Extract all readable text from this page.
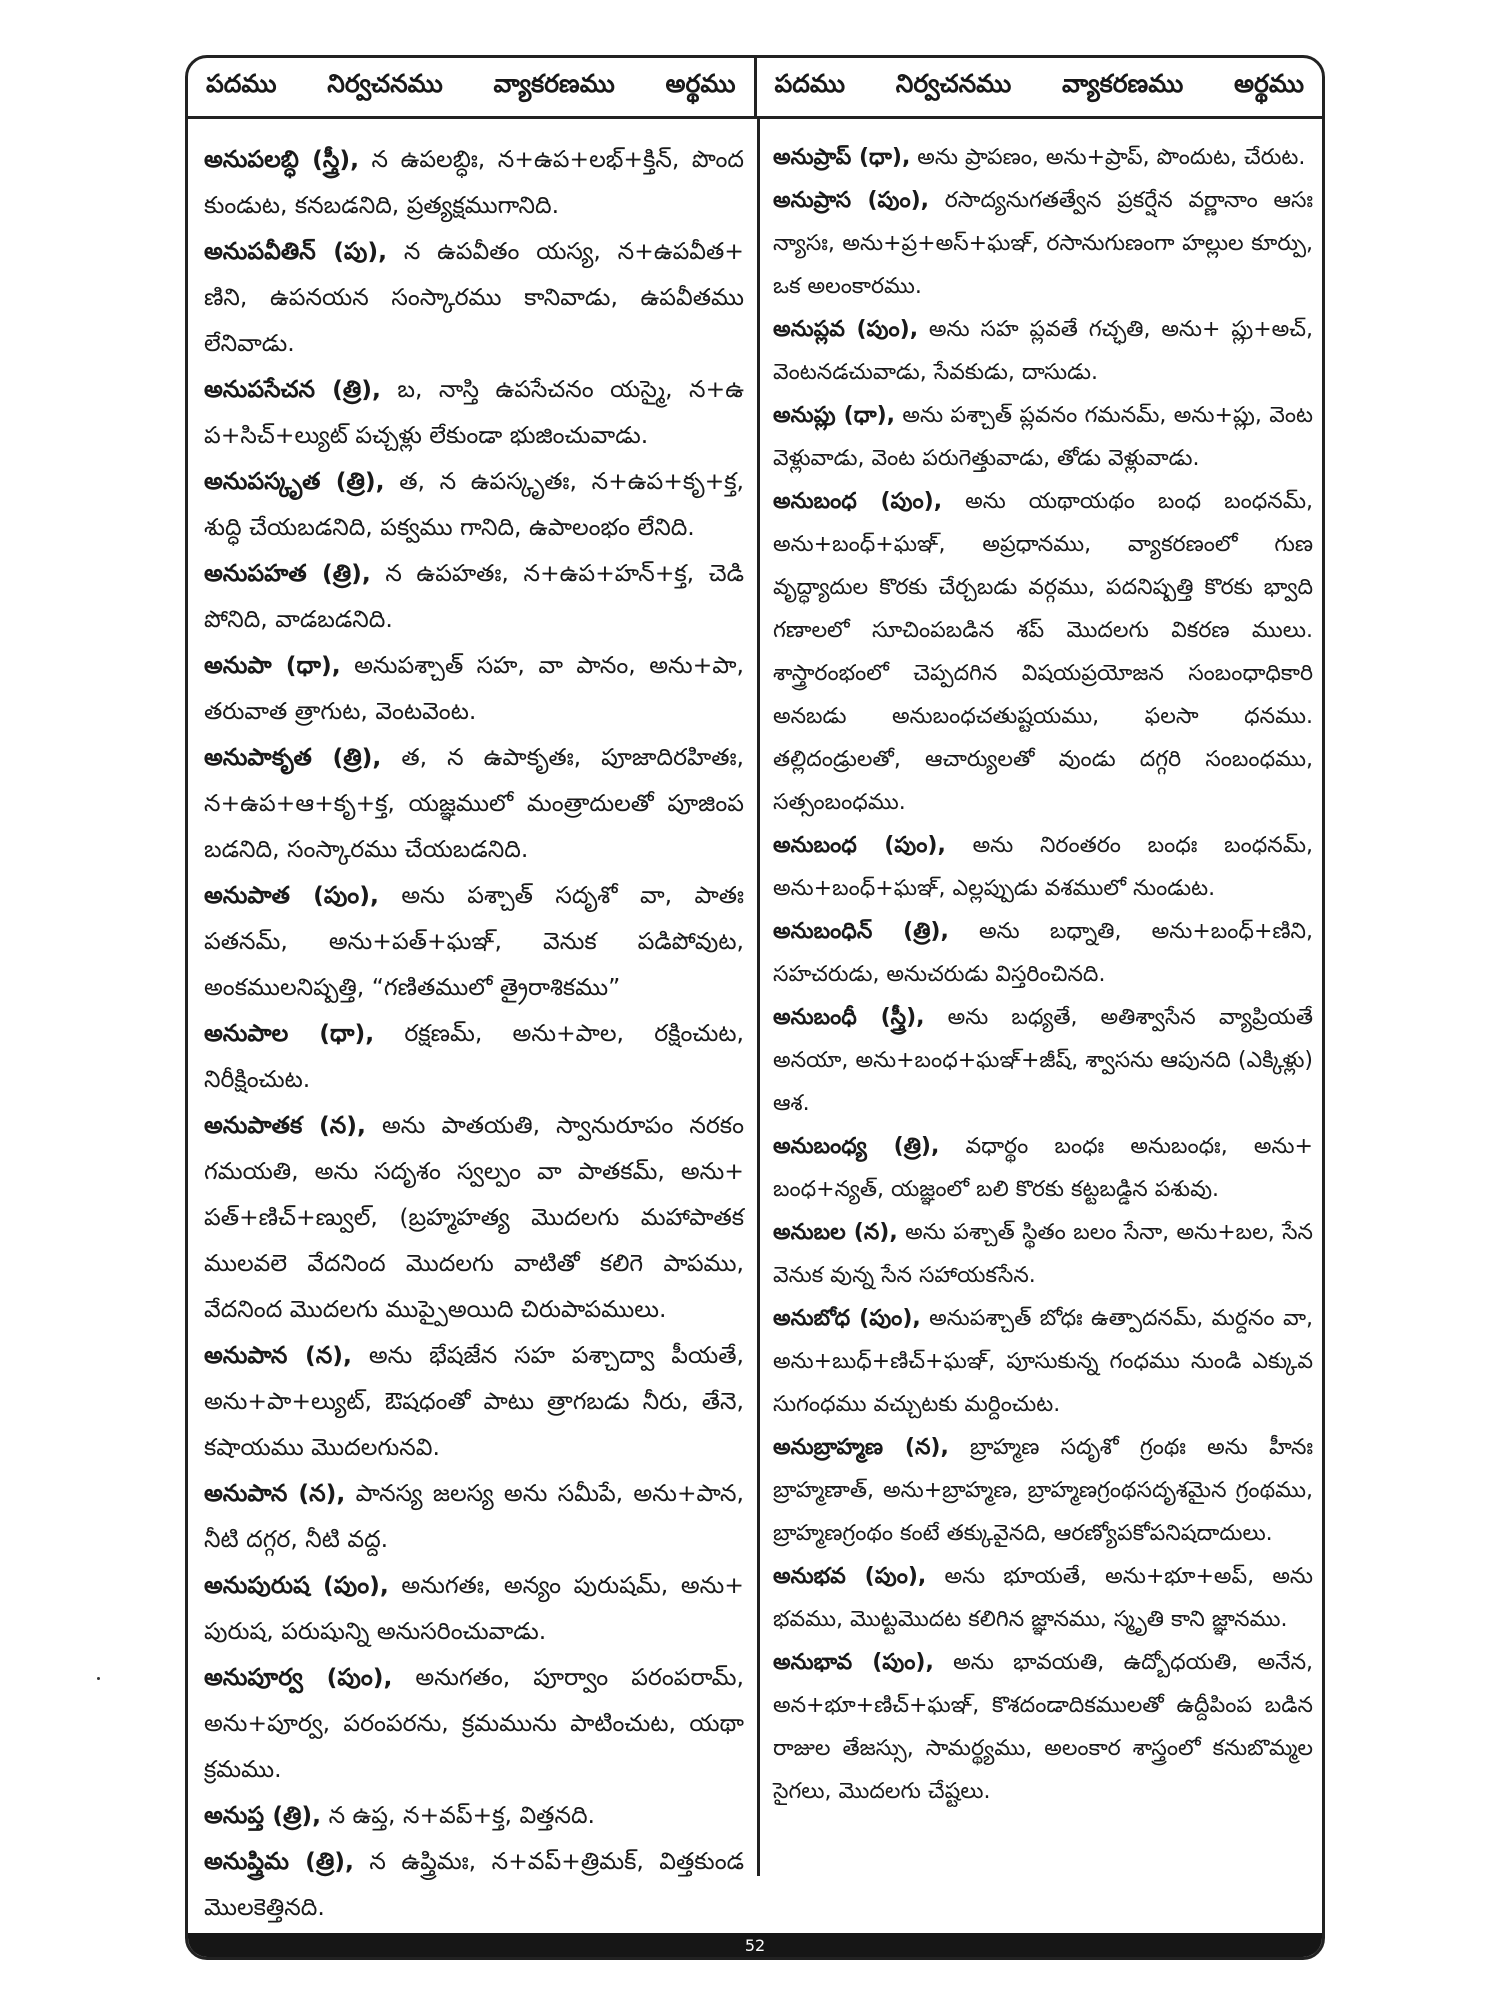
పదము నిర్వచనము వ్యాకరణము అర్థము పదము నిర్వచనము వ్యాకరణము అర్థము

అనుపలబ్ధి (స్త్రీ), న ఉపలబ్ధిః, న+ఉప+లభ్+క్తిన్, పొంద కుండుట, కనబడనిది, ప్రత్యక్షముగానిది.

అనుపవీతిన్ (పు), న ఉపవీతం యస్య, న+ఉపవీత+ ణిని, ఉపనయన సంస్కారము కానివాడు, ఉపవీతము లేనివాడు.

అనుపసేచన (త్రి), బ, నాస్తి ఉపసేచనం యస్మై, న+ఉ ప+సిచ్+ల్యుట్ పచ్చళ్లు లేకుండా భుజించువాడు.

అనుపస్కృత (త్రి), త, న ఉపస్కృతః, న+ఉప+కృ+క్త, శుద్ధి చేయబడనిది, పక్వము గానిది, ఉపాలంభం లేనిది.

అనుపహత (త్రి), న ఉపహతః, న+ఉప+హన్+క్త, చెడి పోనిది, వాడబడనిది.

అనుపా (ధా), అనుపశ్చాత్ సహ, వా పానం, అను+పా, తరువాత త్రాగుట, వెంటవెంట.

అనుపాకృత (త్రి), త, న ఉపాకృతః, పూజాదిరహితః, న+ఉప+ఆ+కృ+క్త, యజ్ఞములో మంత్రాదులతో పూజింప బడనిది, సంస్కారము చేయబడనిది.

అనుపాత (పుం), అను పశ్చాత్ సదృశో వా, పాతః పతనమ్, అను+పత్+ఘఞ్, వెనుక పడిపోవుట, అంకములనిష్పత్తి, “గణితములో త్రైరాశికము”

అనుపాల (ధా), రక్షణమ్, అను+పాల, రక్షించుట, నిరీక్షించుట.

అనుపాతక (న), అను పాతయతి, స్వానురూపం నరకం గమయతి, అను సదృశం స్వల్పం వా పాతకమ్, అను+ పత్+ణిచ్+ణ్వుల్, (బ్రహ్మహత్య మొదలగు మహాపాతక ములవలె వేదనింద మొదలగు వాటితో కలిగె పాపము, వేదనింద మొదలగు ముప్పైఅయిది చిరుపాపములు.

అనుపాన (న), అను భేషజేన సహ పశ్చాద్వా పీయతే, అను+పా+ల్యుట్, ఔషధంతో పాటు త్రాగబడు నీరు, తేనె, కషాయము మొదలగునవి.

అనుపాన (న), పానస్య జలస్య అను సమీపే, అను+పాన, నీటి దగ్గర, నీటి వద్ద.

అనుపురుష (పుం), అనుగతః, అన్యం పురుషమ్, అను+ పురుష, పరుషున్ని అనుసరించువాడు.

అనుపూర్వ (పుం), అనుగతం, పూర్వాం పరంపరామ్, అను+పూర్వ, పరంపరను, క్రమమును పాటించుట, యథా క్రమము.

అనుప్త (త్రి), న ఉప్త, న+వప్+క్త, విత్తనది.

అనుప్త్రిమ (త్రి), న ఉప్త్రిమః, న+వప్+త్రిమక్, విత్తకుండ మొలకెత్తినది.

అనుప్రాప్ (ధా), అను ప్రాపణం, అను+ప్రాప్, పొందుట, చేరుట.

అనుప్రాస (పుం), రసాద్యనుగతత్వేన ప్రకర్షేన వర్ణానాం ఆసః న్యాసః, అను+ప్ర+అస్+ఘఞ్, రసానుగుణంగా హల్లుల కూర్పు, ఒక అలంకారము.

అనుప్లవ (పుం), అను సహ ప్లవతే గచ్ఛతి, అను+ ప్లు+అచ్, వెంటనడచువాడు, సేవకుడు, దాసుడు.

అనుప్లు (ధా), అను పశ్చాత్ ప్లవనం గమనమ్, అను+ప్లు, వెంట వెళ్లువాడు, వెంట పరుగెత్తువాడు, తోడు వెళ్లువాడు.

అనుబంధ (పుం), అను యథాయథం బంధ బంధనమ్, అను+బంధ్+ఘఞ్, అప్రధానము, వ్యాకరణంలో గుణ వృద్ధ్యాదుల కొరకు చేర్చబడు వర్గము, పదనిష్పత్తి కొరకు భ్వాది గణాలలో సూచింపబడిన శప్ మొదలగు వికరణ ములు. శాస్త్రారంభంలో చెప్పదగిన విషయప్రయోజన సంబంధాధికారి అనబడు అనుబంధచతుష్టయము, ఫలసా ధనము. తల్లిదండ్రులతో, ఆచార్యులతో వుండు దగ్గరి సంబంధము, సత్సంబంధము.

అనుబంధ (పుం), అను నిరంతరం బంధః బంధనమ్, అను+బంధ్+ఘఞ్, ఎల్లప్పుడు వశములో నుండుట.

అనుబంధిన్ (త్రి), అను బధ్నాతి, అను+బంధ్+ణిని, సహచరుడు, అనుచరుడు విస్తరించినది.

అనుబంధీ (స్త్రీ), అను బధ్యతే, అతిశ్వాసేన వ్యాప్రియతే అనయా, అను+బంధ+ఘఞ్+జీష్, శ్వాసను ఆపునది (ఎక్కిళ్లు) ఆశ.

అనుబంధ్య (త్రి), వధార్థం బంధః అనుబంధః, అను+ బంధ+న్యత్, యజ్ఞంలో బలి కొరకు కట్టబడ్డిన పశువు.

అనుబల (న), అను పశ్చాత్ స్థితం బలం సేనా, అను+బల, సేన వెనుక వున్న సేన సహాయకసేన.

అనుబోధ (పుం), అనుపశ్చాత్ బోధః ఉత్పాదనమ్, మర్దనం వా, అను+బుధ్+ణిచ్+ఘఞ్, పూసుకున్న గంధము నుండి ఎక్కువ సుగంధము వచ్చుటకు మర్దించుట.

అనుబ్రాహ్మణ (న), బ్రాహ్మణ సదృశో గ్రంథః అను హీనః బ్రాహ్మణాత్, అను+బ్రాహ్మణ, బ్రాహ్మణగ్రంథసదృశమైన గ్రంథము, బ్రాహ్మణగ్రంథం కంటే తక్కువైనది, ఆరణ్యోపకోపనిషదాదులు.

అనుభవ (పుం), అను భూయతే, అను+భూ+అప్, అను భవము, మొట్టమొదట కలిగిన జ్ఞానము, స్మృతి కాని జ్ఞానము.

అనుభావ (పుం), అను భావయతి, ఉద్బోధయతి, అనేన, అన+భూ+ణిచ్+ఘఞ్, కొశదండాదికములతో ఉద్దీపింప బడిన రాజుల తేజస్సు, సామర్థ్యము, అలంకార శాస్త్రంలో కనుబొమ్మల సైగలు, మొదలగు చేష్టలు.

52
